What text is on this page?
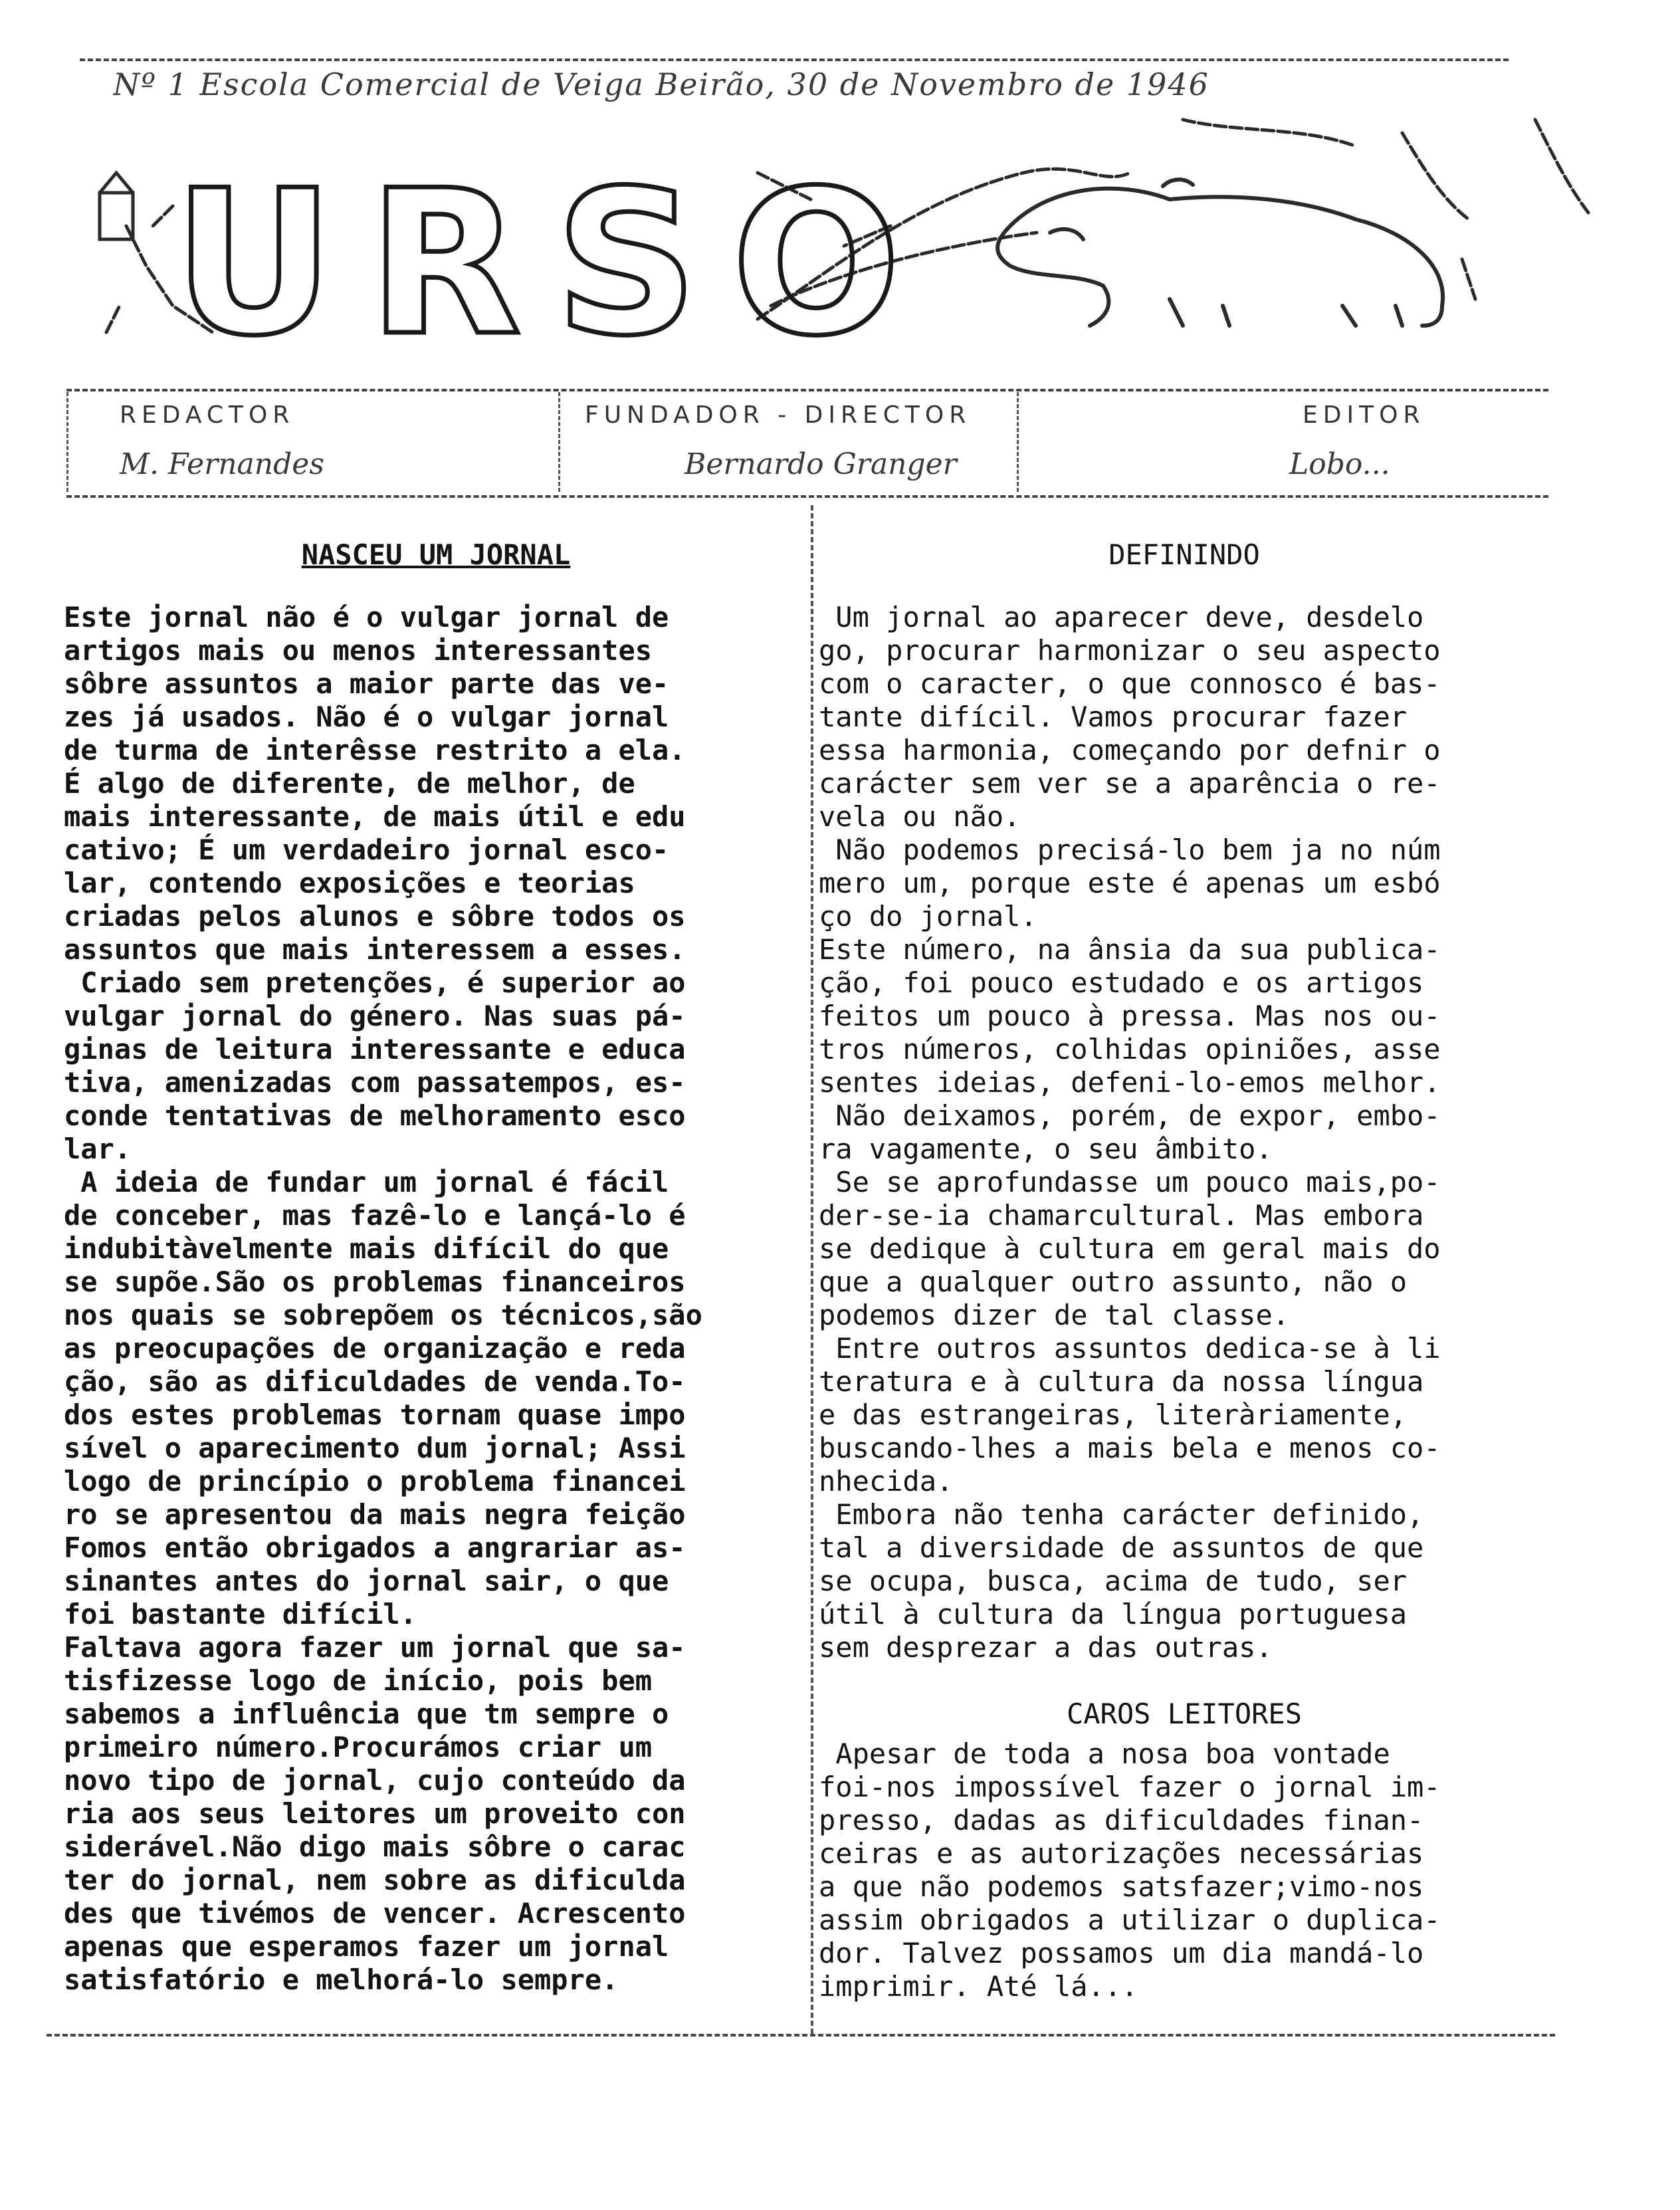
Nº 1 Escola Comercial de Veiga Beirão, 30 de Novembro de 1946
URSO
REDACTOR
M. Fernandes
FUNDADOR - DIRECTOR
Bernardo Granger
EDITOR
Lobo...
NASCEU UM JORNAL

Este jornal não é o vulgar jornal de
artigos mais ou menos interessantes
sôbre assuntos a maior parte das ve-
zes já usados. Não é o vulgar jornal
de turma de interêsse restrito a ela.
É algo de diferente, de melhor, de
mais interessante, de mais útil e edu
cativo; É um verdadeiro jornal esco-
lar, contendo exposições e teorias
criadas pelos alunos e sôbre todos os
assuntos que mais interessem a esses.
Criado sem pretenções, é superior ao
vulgar jornal do género. Nas suas pá-
ginas de leitura interessante e educa
tiva, amenizadas com passatempos, es-
conde tentativas de melhoramento esco
lar.
A ideia de fundar um jornal é fácil
de conceber, mas fazê-lo e lançá-lo é
indubitàvelmente mais difícil do que
se supõe.São os problemas financeiros
nos quais se sobrepõem os técnicos,são
as preocupações de organização e reda
ção, são as dificuldades de venda.To-
dos estes problemas tornam quase impo
sível o aparecimento dum jornal; Assi
logo de princípio o problema financei
ro se apresentou da mais negra feição
Fomos então obrigados a angrariar as-
sinantes antes do jornal sair, o que
foi bastante difícil.
Faltava agora fazer um jornal que sa-
tisfizesse logo de início, pois bem
sabemos a influência que tm sempre o
primeiro número.Procurámos criar um
novo tipo de jornal, cujo conteúdo da
ria aos seus leitores um proveito con
siderável.Não digo mais sôbre o carac
ter do jornal, nem sobre as dificulda
des que tivémos de vencer. Acrescento
apenas que esperamos fazer um jornal
satisfatório e melhorá-lo sempre.

DEFININDO

Um jornal ao aparecer deve, desdelo
go, procurar harmonizar o seu aspecto
com o caracter, o que connosco é bas-
tante difícil. Vamos procurar fazer
essa harmonia, começando por defnir o
carácter sem ver se a aparência o re-
vela ou não.
Não podemos precisá-lo bem ja no núm
mero um, porque este é apenas um esbó
ço do jornal.
Este número, na ânsia da sua publica-
ção, foi pouco estudado e os artigos
feitos um pouco à pressa. Mas nos ou-
tros números, colhidas opiniões, asse
sentes ideias, defeni-lo-emos melhor.
Não deixamos, porém, de expor, embo-
ra vagamente, o seu âmbito.
Se se aprofundasse um pouco mais,po-
der-se-ia chamarcultural. Mas embora
se dedique à cultura em geral mais do
que a qualquer outro assunto, não o
podemos dizer de tal classe.
Entre outros assuntos dedica-se à li
teratura e à cultura da nossa língua
e das estrangeiras, literàriamente,
buscando-lhes a mais bela e menos co-
nhecida.
Embora não tenha carácter definido,
tal a diversidade de assuntos de que
se ocupa, busca, acima de tudo, ser
útil à cultura da língua portuguesa
sem desprezar a das outras.

CAROS LEITORES

Apesar de toda a nosa boa vontade
foi-nos impossível fazer o jornal im-
presso, dadas as dificuldades finan-
ceiras e as autorizações necessárias
a que não podemos satsfazer;vimo-nos
assim obrigados a utilizar o duplica-
dor. Talvez possamos um dia mandá-lo
imprimir. Até lá...
